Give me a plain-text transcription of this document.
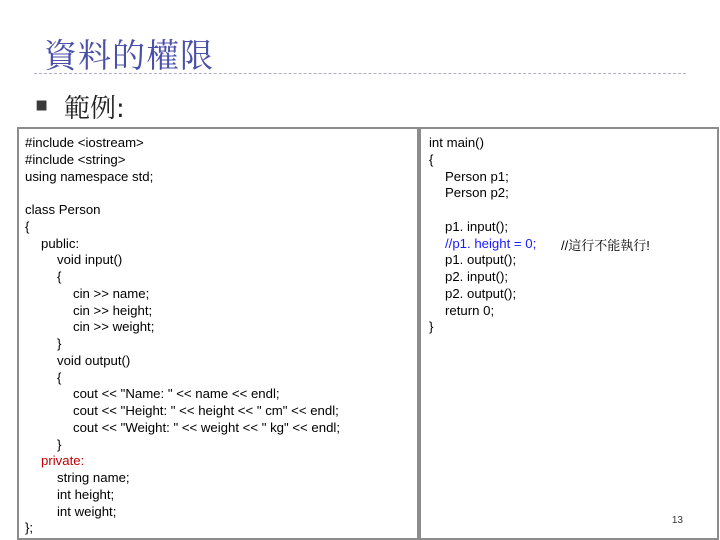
資料的權限
⯀ 範例:
#include <iostream>
#include <string>
using namespace std;

class Person
{
public:
void input()
{
cin >> name;
cin >> height;
cin >> weight;
}
void output()
{
cout << "Name: " << name << endl;
cout << "Height: " << height << " cm" << endl;
cout << "Weight: " << weight << " kg" << endl;
}
private:
string name;
int height;
int weight;
};
int main()
{
Person p1;
Person p2;

p1. input();
//p1. height = 0;
p1. output();
p2. input();
p2. output();
return 0;
}
//這行不能執行!
13
